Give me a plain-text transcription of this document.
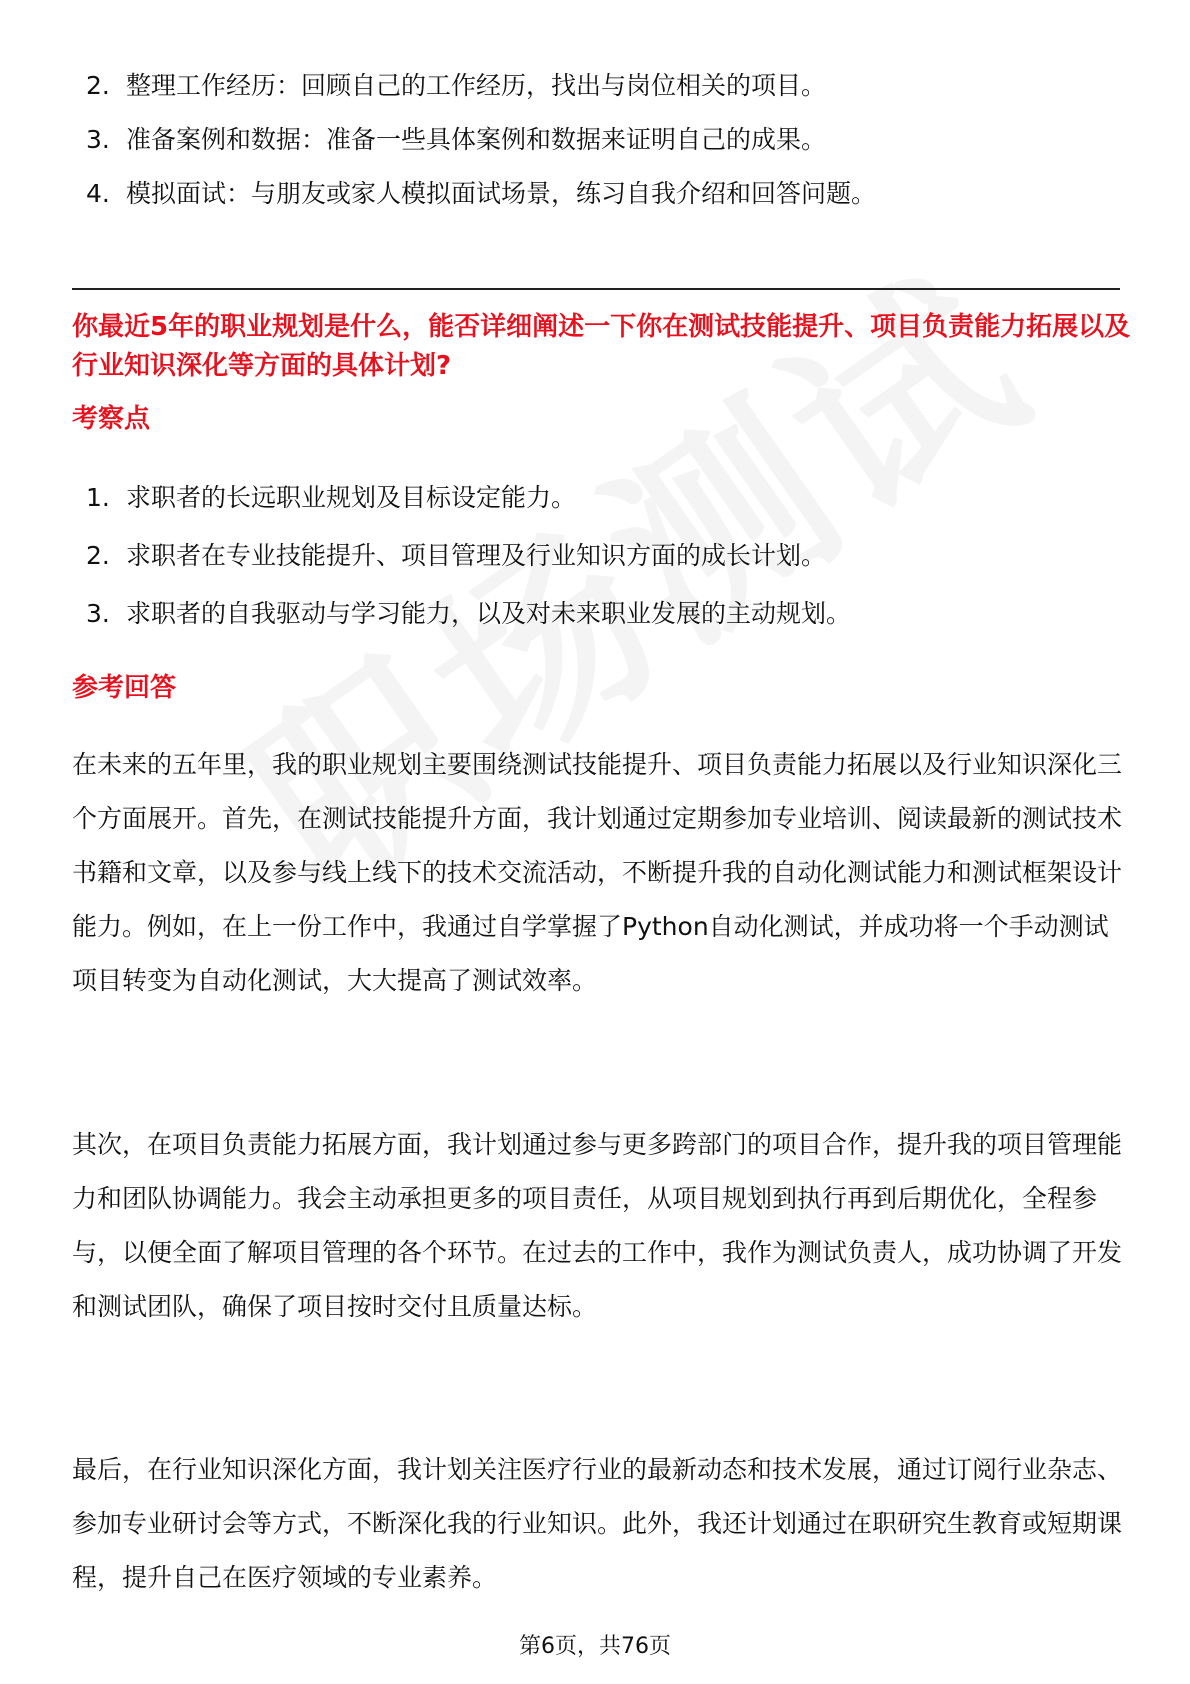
2. 整理工作经历：回顾自己的工作经历，找出与岗位相关的项目。
3. 准备案例和数据：准备一些具体案例和数据来证明自己的成果。
4. 模拟面试：与朋友或家人模拟面试场景，练习自我介绍和回答问题。
你最近5年的职业规划是什么，能否详细阐述一下你在测试技能提升、项目负责能力拓展以及行业知识深化等方面的具体计划?
考察点
1. 求职者的长远职业规划及目标设定能力。
2. 求职者在专业技能提升、项目管理及行业知识方面的成长计划。
3. 求职者的自我驱动与学习能力，以及对未来职业发展的主动规划。
参考回答
在未来的五年里，我的职业规划主要围绕测试技能提升、项目负责能力拓展以及行业知识深化三个方面展开。首先，在测试技能提升方面，我计划通过定期参加专业培训、阅读最新的测试技术书籍和文章，以及参与线上线下的技术交流活动，不断提升我的自动化测试能力和测试框架设计能力。例如，在上一份工作中，我通过自学掌握了Python自动化测试，并成功将一个手动测试项目转变为自动化测试，大大提高了测试效率。
其次，在项目负责能力拓展方面，我计划通过参与更多跨部门的项目合作，提升我的项目管理能力和团队协调能力。我会主动承担更多的项目责任，从项目规划到执行再到后期优化，全程参与，以便全面了解项目管理的各个环节。在过去的工作中，我作为测试负责人，成功协调了开发和测试团队，确保了项目按时交付且质量达标。
最后，在行业知识深化方面，我计划关注医疗行业的最新动态和技术发展，通过订阅行业杂志、参加专业研讨会等方式，不断深化我的行业知识。此外，我还计划通过在职研究生教育或短期课程，提升自己在医疗领域的专业素养。
第6页，共76页
